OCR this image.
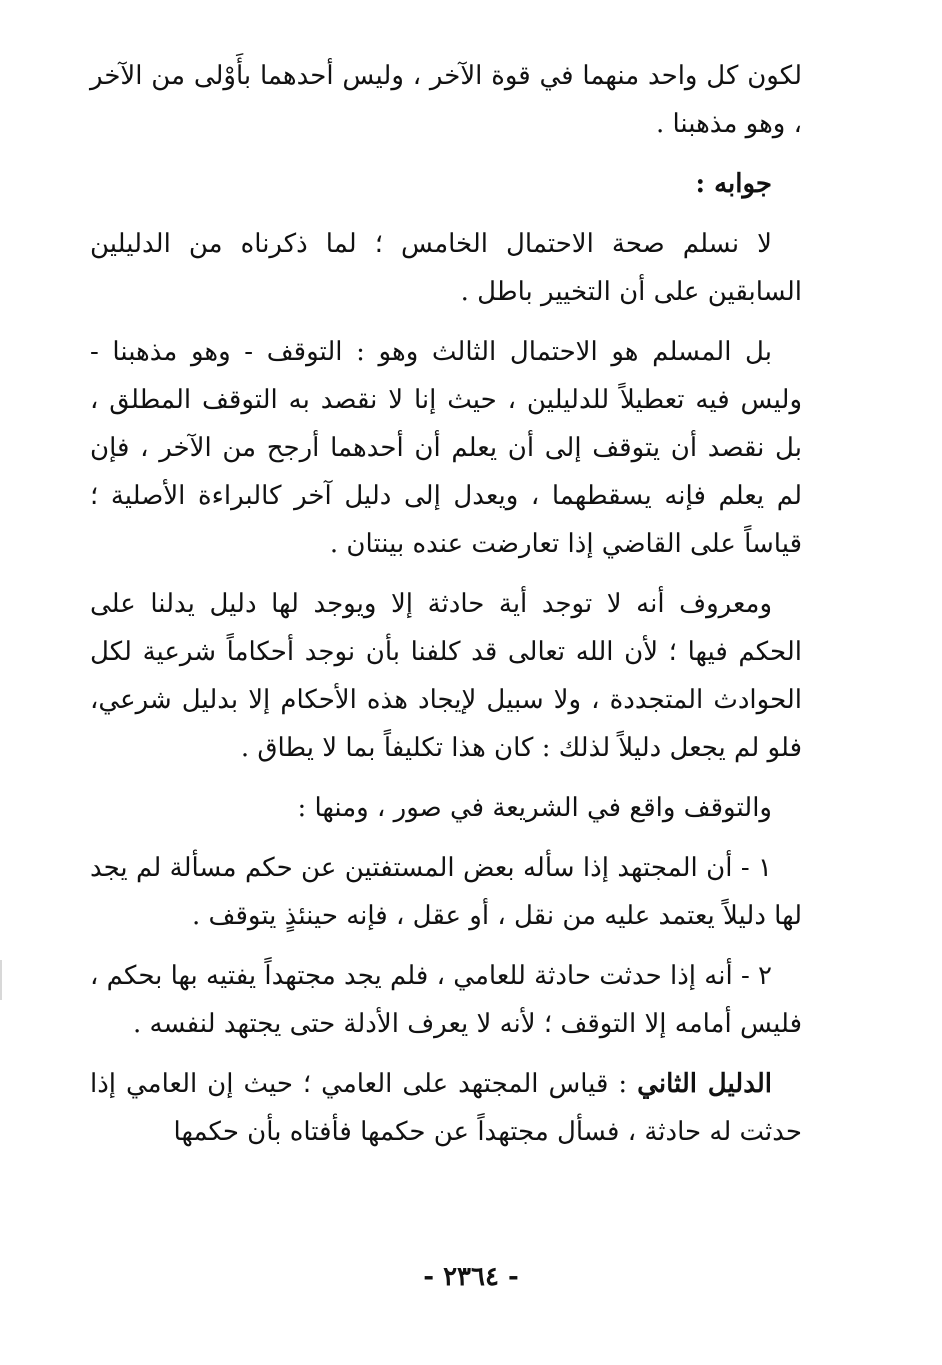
لكون كل واحد منهما في قوة الآخر ، وليس أحدهما بأَوْلى من الآخر ، وهو مذهبنا .

جوابه :

لا نسلم صحة الاحتمال الخامس ؛ لما ذكرناه من الدليلين السابقين على أن التخيير باطل .

بل المسلم هو الاحتمال الثالث وهو : التوقف - وهو مذهبنا - وليس فيه تعطيلاً للدليلين ، حيث إنا لا نقصد به التوقف المطلق ، بل نقصد أن يتوقف إلى أن يعلم أن أحدهما أرجح من الآخر ، فإن لم يعلم فإنه يسقطهما ، ويعدل إلى دليل آخر كالبراءة الأصلية ؛ قياساً على القاضي إذا تعارضت عنده بينتان .

ومعروف أنه لا توجد أية حادثة إلا ويوجد لها دليل يدلنا على الحكم فيها ؛ لأن الله تعالى قد كلفنا بأن نوجد أحكاماً شرعية لكل الحوادث المتجددة ، ولا سبيل لإيجاد هذه الأحكام إلا بدليل شرعي، فلو لم يجعل دليلاً لذلك : كان هذا تكليفاً بما لا يطاق .

والتوقف واقع في الشريعة في صور ، ومنها :

١ - أن المجتهد إذا سأله بعض المستفتين عن حكم مسألة لم يجد لها دليلاً يعتمد عليه من نقل ، أو عقل ، فإنه حينئذٍ يتوقف .

٢ - أنه إذا حدثت حادثة للعامي ، فلم يجد مجتهداً يفتيه بها بحكم ، فليس أمامه إلا التوقف ؛ لأنه لا يعرف الأدلة حتى يجتهد لنفسه .

الدليل الثاني : قياس المجتهد على العامي ؛ حيث إن العامي إذا حدثت له حادثة ، فسأل مجتهداً عن حكمها فأفتاه بأن حكمها

- ٢٣٦٤ -
